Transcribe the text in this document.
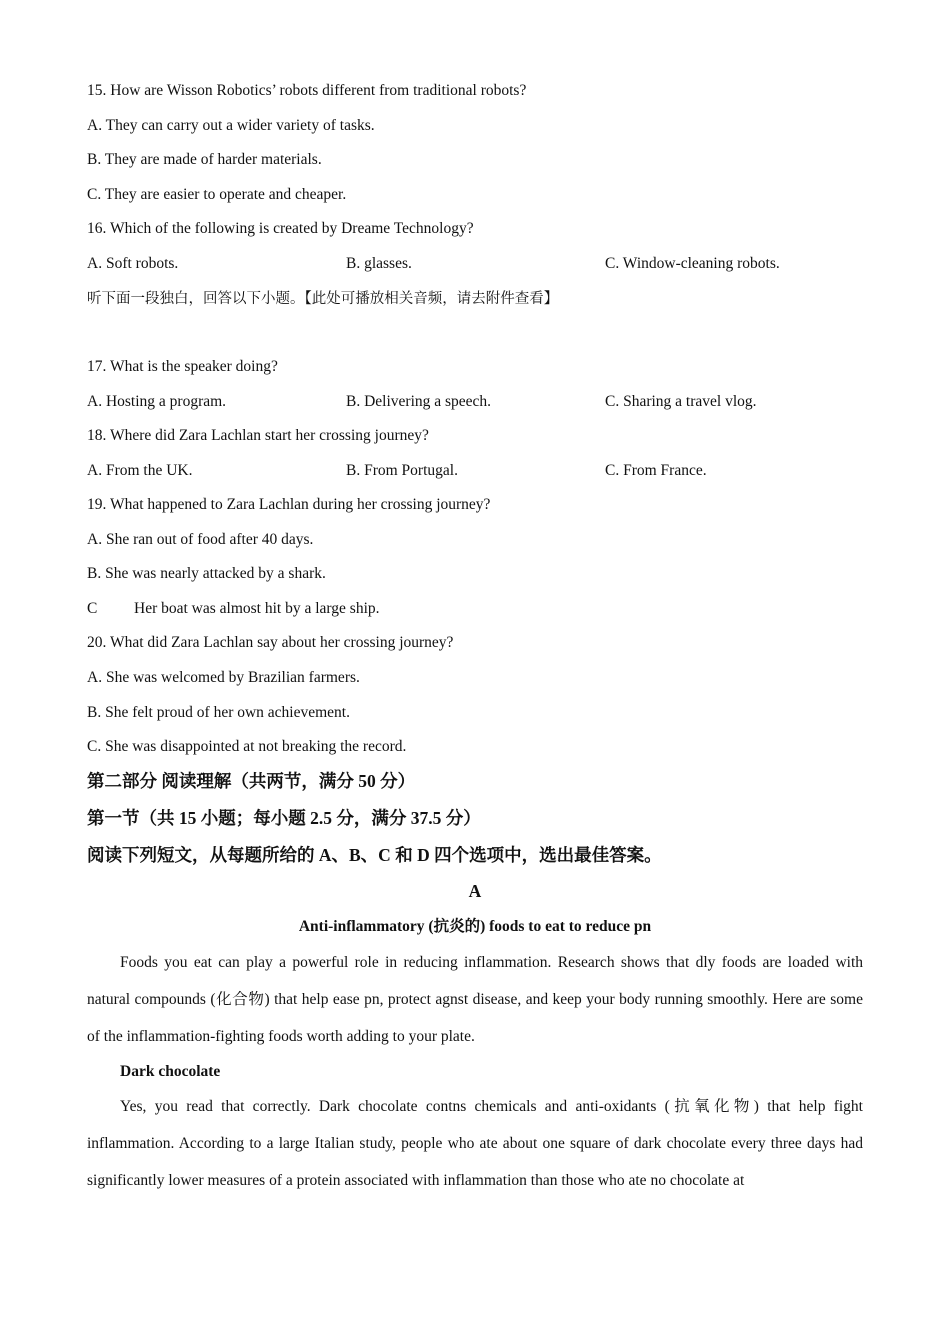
15. How are Wisson Robotics’ robots different from traditional robots?
A. They can carry out a wider variety of tasks.
B. They are made of harder materials.
C. They are easier to operate and cheaper.
16. Which of the following is created by Dreame Technology?
A. Soft robots.	B. glasses.	C. Window-cleaning robots.
听下面一段独白，回答以下小题。【此处可播放相关音频，请去附件查看】
17. What is the speaker doing?
A. Hosting a program.	B. Delivering a speech.	C. Sharing a travel vlog.
18. Where did Zara Lachlan start her crossing journey?
A. From the UK.	B. From Portugal.	C. From France.
19. What happened to Zara Lachlan during her crossing journey?
A. She ran out of food after 40 days.
B. She was nearly attacked by a shark.
C Her boat was almost hit by a large ship.
20. What did Zara Lachlan say about her crossing journey?
A. She was welcomed by Brazilian farmers.
B. She felt proud of her own achievement.
C. She was disappointed at not breaking the record.
第二部分 阅读理解（共两节，满分 50 分）
第一节（共 15 小题；每小题 2.5 分，满分 37.5 分）
阅读下列短文，从每题所给的 A、B、C 和 D 四个选项中，选出最佳答案。
A
Anti-inflammatory (抗炎的) foods to eat to reduce pn
Foods you eat can play a powerful role in reducing inflammation. Research shows that dly foods are loaded with natural compounds (化合物) that help ease pn, protect agnst disease, and keep your body running smoothly. Here are some of the inflammation-fighting foods worth adding to your plate.
Dark chocolate
Yes, you read that correctly. Dark chocolate contns chemicals and anti-oxidants (抗氧化物) that help fight inflammation. According to a large Italian study, people who ate about one square of dark chocolate every three days had significantly lower measures of a protein associated with inflammation than those who ate no chocolate at
